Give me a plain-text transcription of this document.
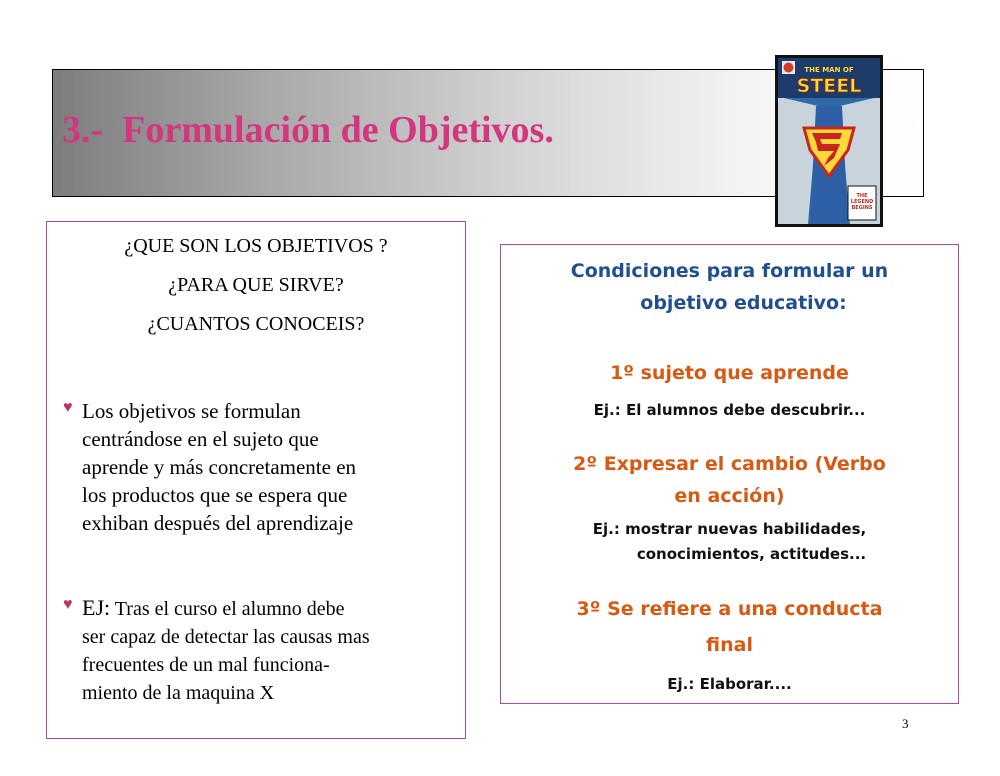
3.-  Formulación de Objetivos.
THE MAN OF
STEEL
THE LEGEND BEGINS
¿QUE SON LOS OBJETIVOS ?
¿PARA QUE SIRVE?
¿CUANTOS CONOCEIS?
♥ Los objetivos se formulan
centrándose en el sujeto que
aprende y más concretamente en
los productos que se espera que
exhiban después del aprendizaje
♥ EJ: Tras el curso el alumno debe
ser capaz de detectar las causas mas
frecuentes de un mal funciona-
miento de la maquina X
Condiciones para formular un
objetivo educativo:
1º sujeto que aprende
Ej.: El alumnos debe descubrir...
2º Expresar el cambio (Verbo
en acción)
Ej.: mostrar nuevas habilidades,
conocimientos, actitudes...
3º Se refiere a una conducta
final
Ej.: Elaborar....
3
